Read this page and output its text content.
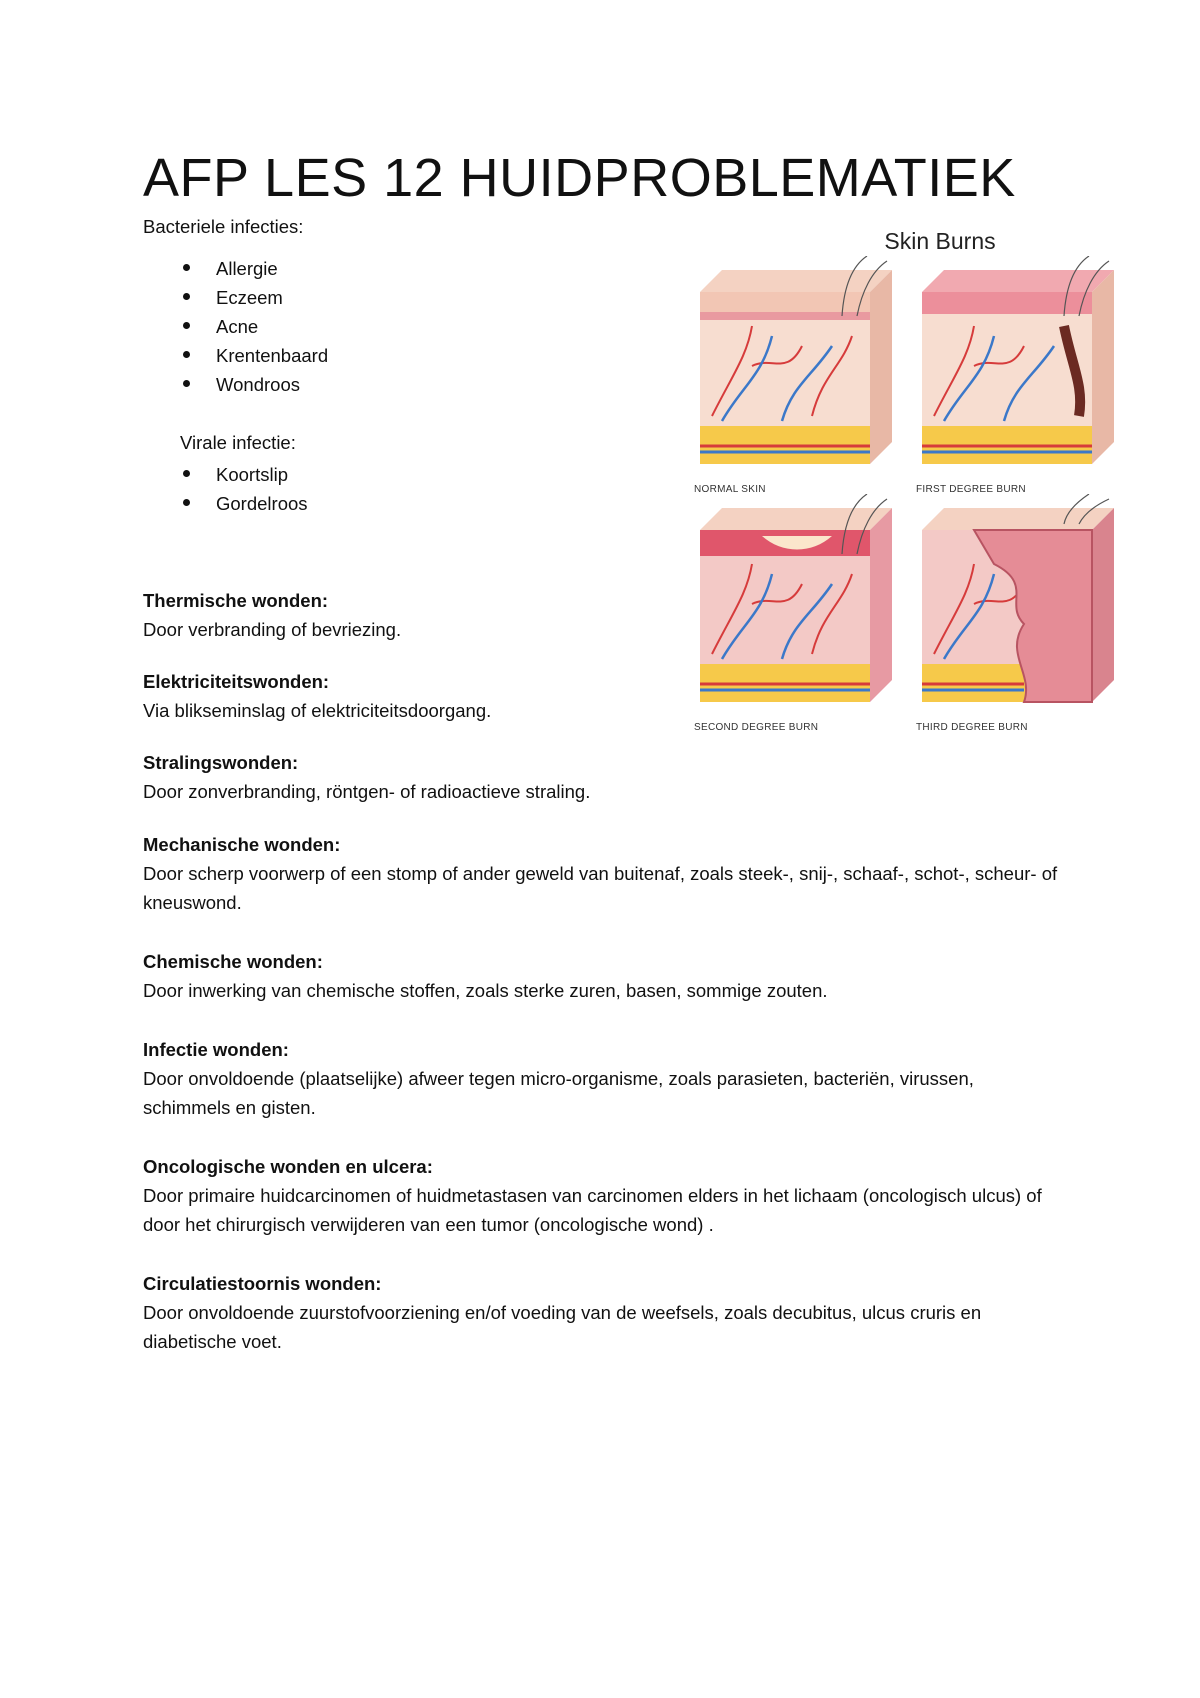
AFP LES 12 HUIDPROBLEMATIEK
Bacteriele infecties:
Allergie
Eczeem
Acne
Krentenbaard
Wondroos
Virale infectie:
Koortslip
Gordelroos
Thermische wonden:

Door verbranding of bevriezing.

Elektriciteitswonden:

Via blikseminslag of elektriciteitsdoorgang.

Stralingswonden:

Door zonverbranding, röntgen- of radioactieve straling.

Mechanische wonden:

Door scherp voorwerp of een stomp of ander geweld van buitenaf, zoals steek-, snij-, schaaf-, schot-, scheur- of kneuswond.

Chemische wonden:

Door inwerking van chemische stoffen, zoals sterke zuren, basen, sommige zouten.

Infectie wonden:

Door onvoldoende (plaatselijke) afweer tegen micro-organisme, zoals parasieten, bacteriën, virussen, schimmels en gisten.

Oncologische wonden en ulcera:

Door primaire huidcarcinomen of huidmetastasen van carcinomen elders in het lichaam (oncologisch ulcus) of door het chirurgisch verwijderen van een tumor (oncologische wond) .

Circulatiestoornis wonden:

Door onvoldoende zuurstofvoorziening en/of voeding van de weefsels, zoals decubitus, ulcus cruris en diabetische voet.

Skin Burns
NORMAL SKIN	FIRST DEGREE BURN
SECOND DEGREE BURN	THIRD DEGREE BURN
